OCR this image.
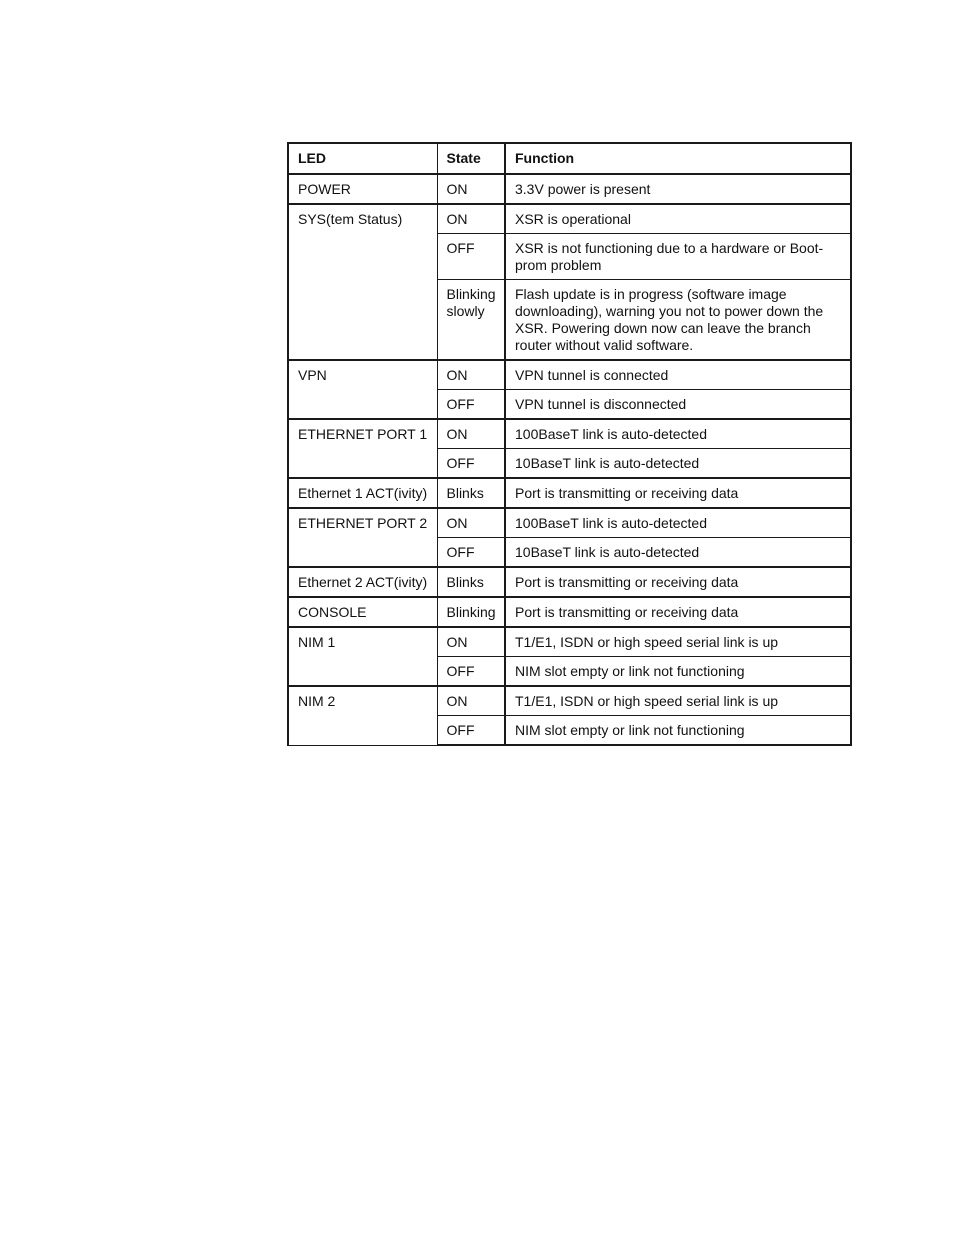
LED	State	Function
POWER	ON	3.3V power is present
SYS(tem Status)	ON	XSR is operational
	OFF	XSR is not functioning due to a hardware or Boot-prom problem
	Blinking slowly	Flash update is in progress (software image downloading), warning you not to power down the XSR. Powering down now can leave the branch router without valid software.
VPN	ON	VPN tunnel is connected
	OFF	VPN tunnel is disconnected
ETHERNET PORT 1	ON	100BaseT link is auto-detected
	OFF	10BaseT link is auto-detected
Ethernet 1 ACT(ivity)	Blinks	Port is transmitting or receiving data
ETHERNET PORT 2	ON	100BaseT link is auto-detected
	OFF	10BaseT link is auto-detected
Ethernet 2 ACT(ivity)	Blinks	Port is transmitting or receiving data
CONSOLE	Blinking	Port is transmitting or receiving data
NIM 1	ON	T1/E1, ISDN or high speed serial link is up
	OFF	NIM slot empty or link not functioning
NIM 2	ON	T1/E1, ISDN or high speed serial link is up
	OFF	NIM slot empty or link not functioning
